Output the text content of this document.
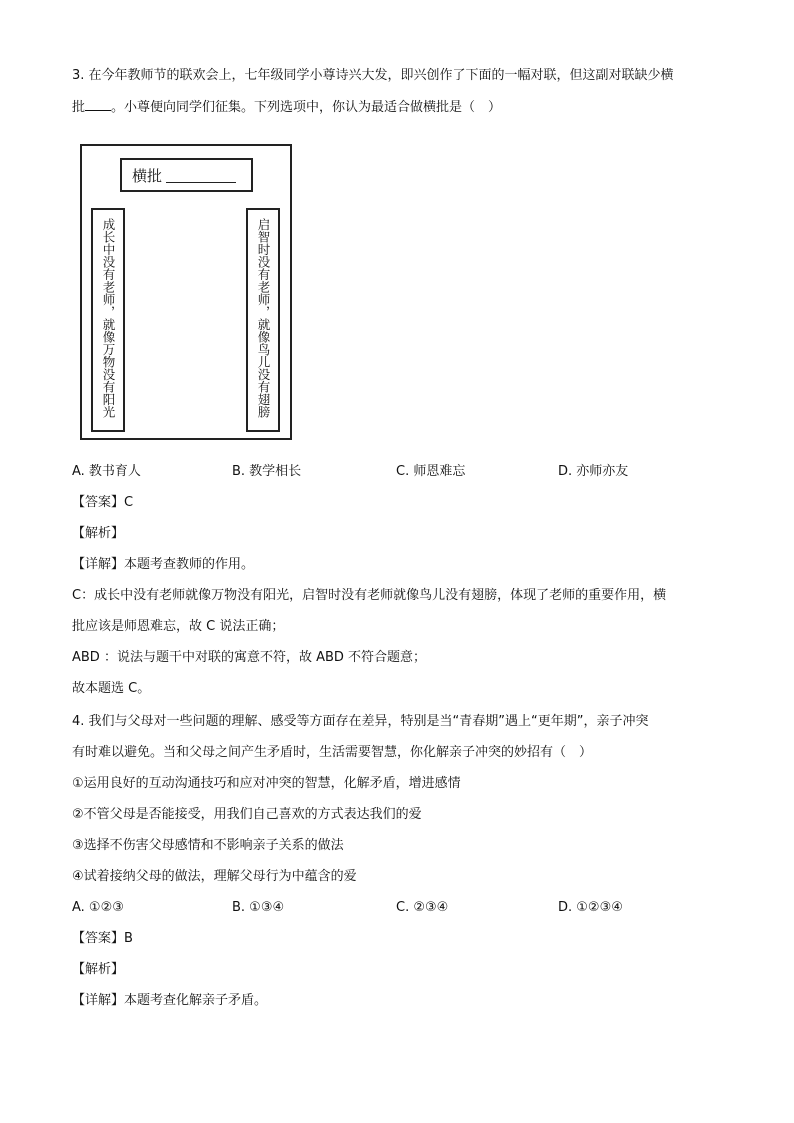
3. 在今年教师节的联欢会上，七年级同学小尊诗兴大发，即兴创作了下面的一幅对联，但这副对联缺少横
批 。小尊便向同学们征集。下列选项中，你认为最适合做横批是（　）
横批
成长中没有老师，就像万物没有阳光	启智时没有老师，就像鸟儿没有翅膀
A. 教书育人	B. 教学相长	C. 师恩难忘	D. 亦师亦友
【答案】C
【解析】
【详解】本题考查教师的作用。
C：成长中没有老师就像万物没有阳光，启智时没有老师就像鸟儿没有翅膀，体现了老师的重要作用，横
批应该是师恩难忘，故 C 说法正确；
ABD ：说法与题干中对联的寓意不符，故 ABD 不符合题意；
故本题选 C。
4. 我们与父母对一些问题的理解、感受等方面存在差异，特别是当“青春期”遇上“更年期”，亲子冲突
有时难以避免。当和父母之间产生矛盾时，生活需要智慧，你化解亲子冲突的妙招有（　）
①运用良好的互动沟通技巧和应对冲突的智慧，化解矛盾，增进感情
②不管父母是否能接受，用我们自己喜欢的方式表达我们的爱
③选择不伤害父母感情和不影响亲子关系的做法
④试着接纳父母的做法，理解父母行为中蕴含的爱
A. ①②③	B. ①③④	C. ②③④	D. ①②③④
【答案】B
【解析】
【详解】本题考查化解亲子矛盾。
